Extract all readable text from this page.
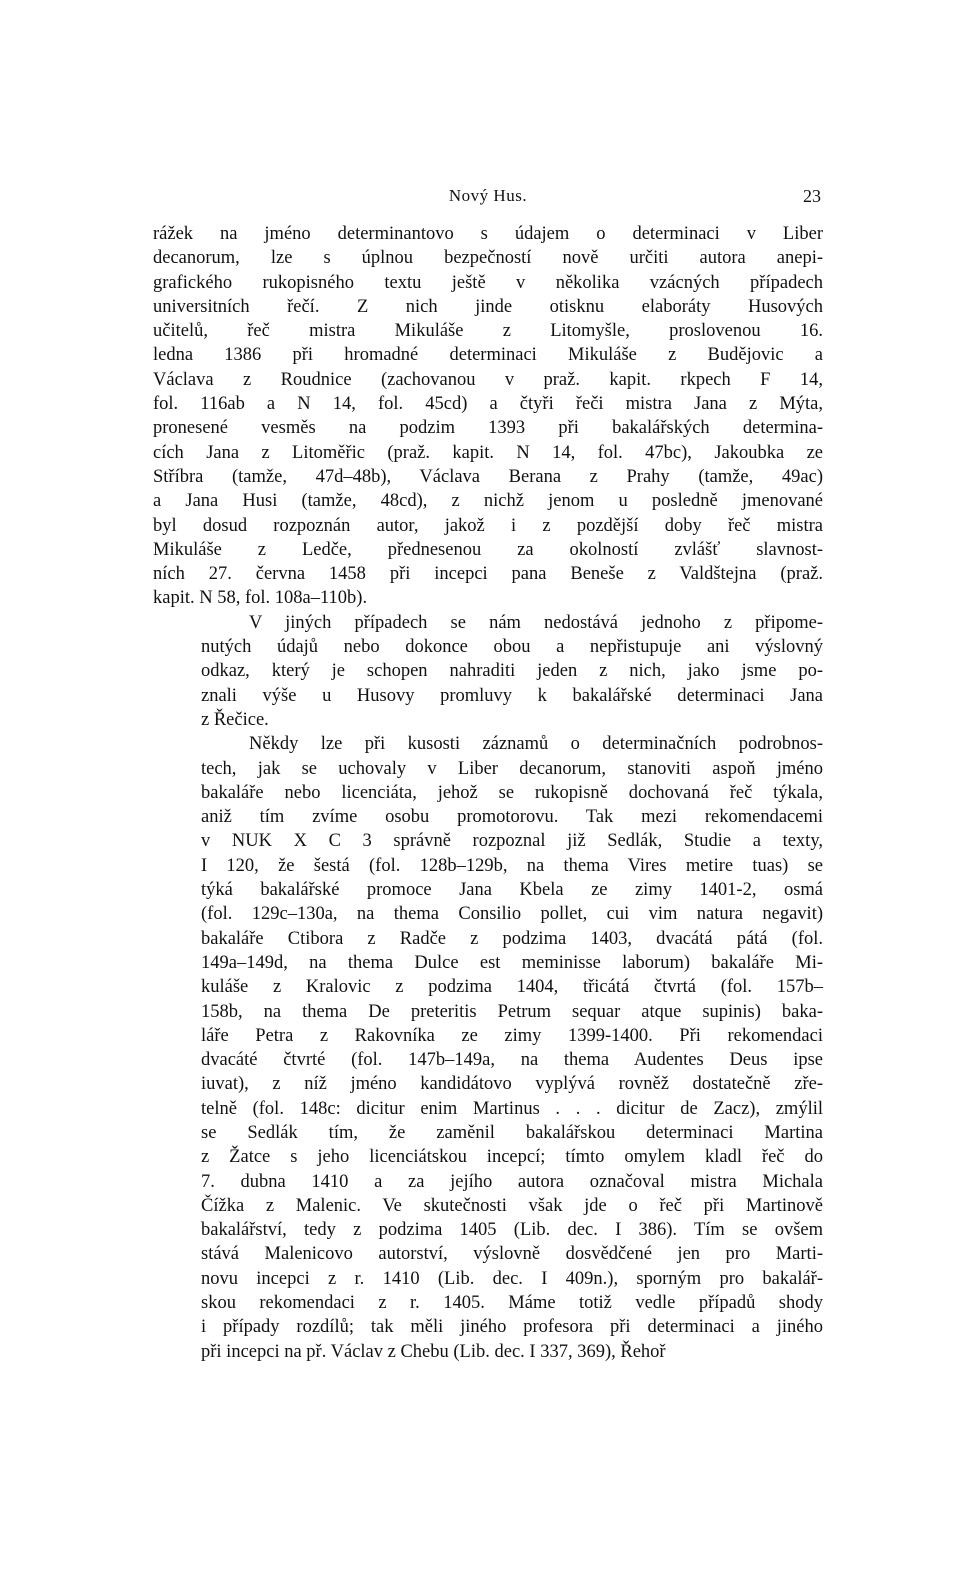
Nový Hus.	23

rážek na jméno determinantovo s údajem o determinaci v Liber
decanorum, lze s úplnou bezpečností nově určiti autora anepi-
grafického rukopisného textu ještě v několika vzácných případech
universitních řečí. Z nich jinde otisknu elaboráty Husových
učitelů, řeč mistra Mikuláše z Litomyšle, proslovenou 16.
ledna 1386 při hromadné determinaci Mikuláše z Budějovic a
Václava z Roudnice (zachovanou v praž. kapit. rkpech F 14,
fol. 116ab a N 14, fol. 45cd) a čtyři řeči mistra Jana z Mýta,
pronesené vesměs na podzim 1393 při bakalářských determina-
cích Jana z Litoměřic (praž. kapit. N 14, fol. 47bc), Jakoubka ze
Stříbra (tamže, 47d–48b), Václava Berana z Prahy (tamže, 49ac)
a Jana Husi (tamže, 48cd), z nichž jenom u posledně jmenované
byl dosud rozpoznán autor, jakož i z pozdější doby řeč mistra
Mikuláše z Ledče, přednesenou za okolností zvlášť slavnost-
ních 27. června 1458 při incepci pana Beneše z Valdštejna (praž.
kapit. N 58, fol. 108a–110b).

V jiných případech se nám nedostává jednoho z připome-
nutých údajů nebo dokonce obou a nepřistupuje ani výslovný
odkaz, který je schopen nahraditi jeden z nich, jako jsme po-
znali výše u Husovy promluvy k bakalářské determinaci Jana
z Řečice.

Někdy lze při kusosti záznamů o determinačních podrobnos-
tech, jak se uchovaly v Liber decanorum, stanoviti aspoň jméno
bakaláře nebo licenciáta, jehož se rukopisně dochovaná řeč týkala,
aniž tím zvíme osobu promotorovu. Tak mezi rekomendacemi
v NUK X C 3 správně rozpoznal již Sedlák, Studie a texty,
I 120, že šestá (fol. 128b–129b, na thema Vires metire tuas) se
týká bakalářské promoce Jana Kbela ze zimy 1401-2, osmá
(fol. 129c–130a, na thema Consilio pollet, cui vim natura negavit)
bakaláře Ctibora z Radče z podzima 1403, dvacátá pátá (fol.
149a–149d, na thema Dulce est meminisse laborum) bakaláře Mi-
kuláše z Kralovic z podzima 1404, třicátá čtvrtá (fol. 157b–
158b, na thema De preteritis Petrum sequar atque supinis) baka-
láře Petra z Rakovníka ze zimy 1399-1400. Při rekomendaci
dvacáté čtvrté (fol. 147b–149a, na thema Audentes Deus ipse
iuvat), z níž jméno kandidátovo vyplývá rovněž dostatečně zře-
telně (fol. 148c: dicitur enim Martinus . . . dicitur de Zacz), zmýlil
se Sedlák tím, že zaměnil bakalářskou determinaci Martina
z Žatce s jeho licenciátskou incepcí; tímto omylem kladl řeč do
7. dubna 1410 a za jejího autora označoval mistra Michala
Čížka z Malenic. Ve skutečnosti však jde o řeč při Martinově
bakalářství, tedy z podzima 1405 (Lib. dec. I 386). Tím se ovšem
stává Malenicovo autorství, výslovně dosvědčené jen pro Marti-
novu incepci z r. 1410 (Lib. dec. I 409n.), sporným pro bakalář-
skou rekomendaci z r. 1405. Máme totiž vedle případů shody
i případy rozdílů; tak měli jiného profesora při determinaci a jiného
při incepci na př. Václav z Chebu (Lib. dec. I 337, 369), Řehoř
